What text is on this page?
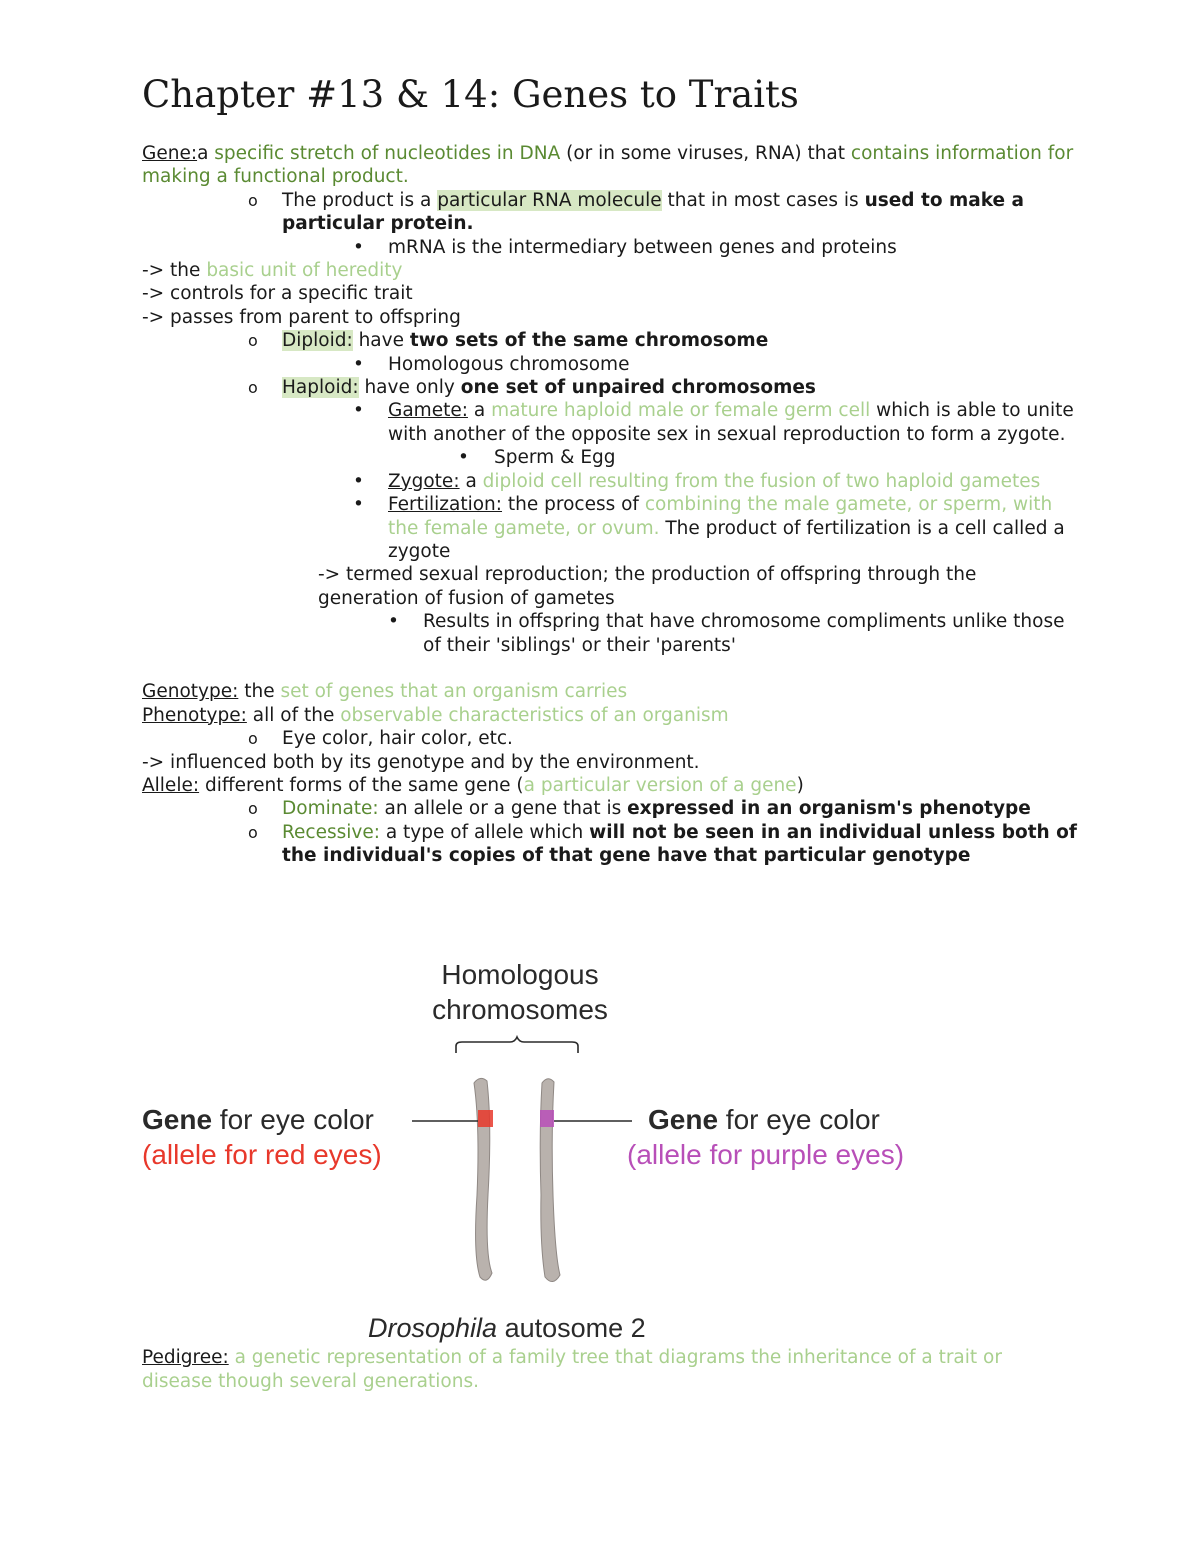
Chapter #13 & 14: Genes to Traits
Gene:a specific stretch of nucleotides in DNA (or in some viruses, RNA) that contains information for making a functional product.
o The product is a particular RNA molecule that in most cases is used to make a particular protein.
• mRNA is the intermediary between genes and proteins
-> the basic unit of heredity
-> controls for a specific trait
-> passes from parent to offspring
o Diploid: have two sets of the same chromosome
• Homologous chromosome
o Haploid: have only one set of unpaired chromosomes
• Gamete: a mature haploid male or female germ cell which is able to unite with another of the opposite sex in sexual reproduction to form a zygote.
• Sperm & Egg
• Zygote: a diploid cell resulting from the fusion of two haploid gametes
• Fertilization: the process of combining the male gamete, or sperm, with the female gamete, or ovum. The product of fertilization is a cell called a zygote
-> termed sexual reproduction; the production of offspring through the generation of fusion of gametes
• Results in offspring that have chromosome compliments unlike those of their 'siblings' or their 'parents'
Genotype: the set of genes that an organism carries
Phenotype: all of the observable characteristics of an organism
o Eye color, hair color, etc.
-> influenced both by its genotype and by the environment.
Allele: different forms of the same gene (a particular version of a gene)
o Dominate: an allele or a gene that is expressed in an organism's phenotype
o Recessive: a type of allele which will not be seen in an individual unless both of the individual's copies of that gene have that particular genotype
Homologous
chromosomes
Gene for eye color
(allele for red eyes)
Gene for eye color
(allele for purple eyes)
Drosophila autosome 2
Pedigree: a genetic representation of a family tree that diagrams the inheritance of a trait or disease though several generations.
